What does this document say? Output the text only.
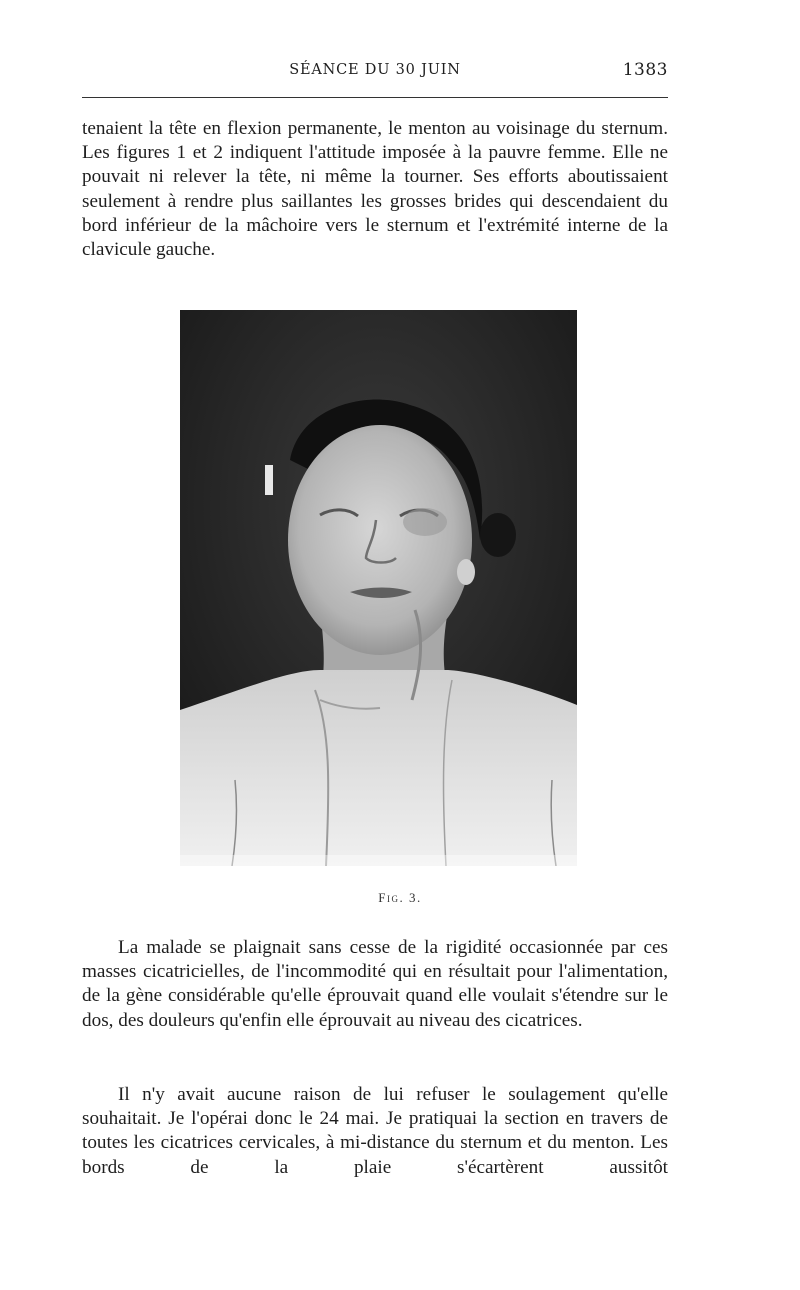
SÉANCE DU 30 JUIN	1383

tenaient la tête en flexion permanente, le menton au voisinage du sternum. Les figures 1 et 2 indiquent l'attitude imposée à la pauvre femme. Elle ne pouvait ni relever la tête, ni même la tourner. Ses efforts aboutissaient seulement à rendre plus saillantes les grosses brides qui descendaient du bord inférieur de la mâchoire vers le sternum et l'extrémité interne de la clavicule gauche.

Fig. 3.

La malade se plaignait sans cesse de la rigidité occasionnée par ces masses cicatricielles, de l'incommodité qui en résultait pour l'alimentation, de la gène considérable qu'elle éprouvait quand elle voulait s'étendre sur le dos, des douleurs qu'enfin elle éprouvait au niveau des cicatrices.

Il n'y avait aucune raison de lui refuser le soulagement qu'elle souhaitait. Je l'opérai donc le 24 mai. Je pratiquai la section en travers de toutes les cicatrices cervicales, à mi-distance du sternum et du menton. Les bords de la plaie s'écartèrent aussitôt
